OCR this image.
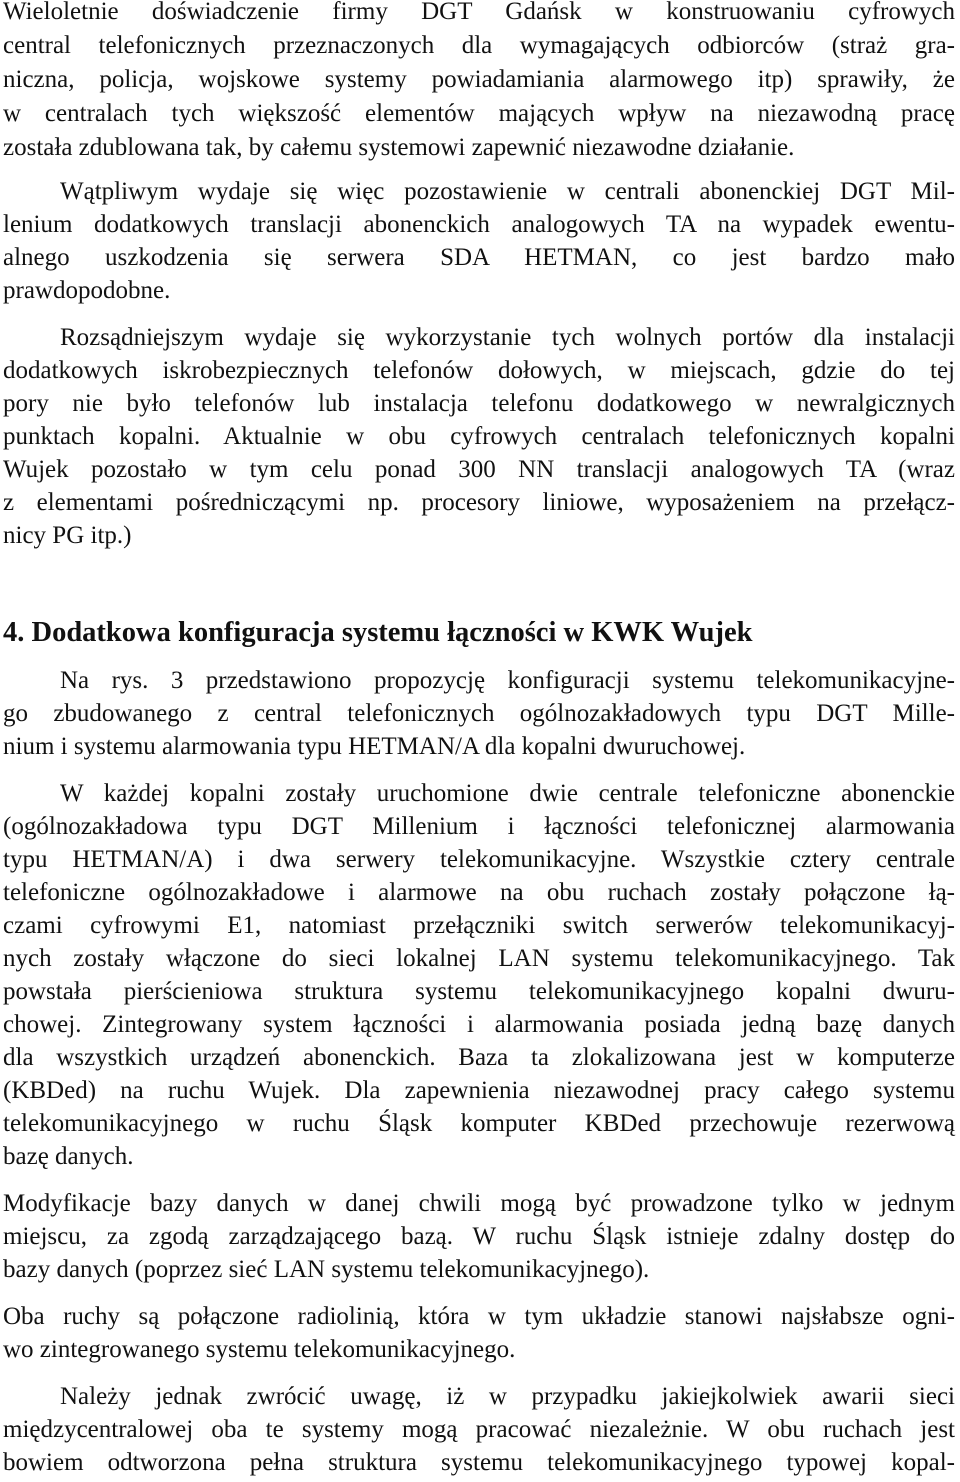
Wieloletnie doświadczenie firmy DGT Gdańsk w konstruowaniu cyfrowych
central telefonicznych przeznaczonych dla wymagających odbiorców (straż gra-
niczna, policja, wojskowe systemy powiadamiania alarmowego itp) sprawiły, że
w centralach tych większość elementów mających wpływ na niezawodną pracę
została zdublowana tak, by całemu systemowi zapewnić niezawodne działanie.
Wątpliwym wydaje się więc pozostawienie w centrali abonenckiej DGT Mil-
lenium dodatkowych translacji abonenckich analogowych TA na wypadek ewentu-
alnego uszkodzenia się serwera SDA HETMAN, co jest bardzo mało
prawdopodobne.
Rozsądniejszym wydaje się wykorzystanie tych wolnych portów dla instalacji
dodatkowych iskrobezpiecznych telefonów dołowych, w miejscach, gdzie do tej
pory nie było telefonów lub instalacja telefonu dodatkowego w newralgicznych
punktach kopalni. Aktualnie w obu cyfrowych centralach telefonicznych kopalni
Wujek pozostało w tym celu ponad 300 NN translacji analogowych TA (wraz
z elementami pośredniczącymi np. procesory liniowe, wyposażeniem na przełącz-
nicy PG itp.)
4. Dodatkowa konfiguracja systemu łączności w KWK Wujek
Na rys. 3 przedstawiono propozycję konfiguracji systemu telekomunikacyjne-
go zbudowanego z central telefonicznych ogólnozakładowych typu DGT Mille-
nium i systemu alarmowania typu HETMAN/A dla kopalni dwuruchowej.
W każdej kopalni zostały uruchomione dwie centrale telefoniczne abonenckie
(ogólnozakładowa typu DGT Millenium i łączności telefonicznej alarmowania
typu HETMAN/A) i dwa serwery telekomunikacyjne. Wszystkie cztery centrale
telefoniczne ogólnozakładowe i alarmowe na obu ruchach zostały połączone łą-
czami cyfrowymi E1, natomiast przełączniki switch serwerów telekomunikacyj-
nych zostały włączone do sieci lokalnej LAN systemu telekomunikacyjnego. Tak
powstała pierścieniowa struktura systemu telekomunikacyjnego kopalni dwuru-
chowej. Zintegrowany system łączności i alarmowania posiada jedną bazę danych
dla wszystkich urządzeń abonenckich. Baza ta zlokalizowana jest w komputerze
(KBDed) na ruchu Wujek. Dla zapewnienia niezawodnej pracy całego systemu
telekomunikacyjnego w ruchu Śląsk komputer KBDed przechowuje rezerwową
bazę danych.
Modyfikacje bazy danych w danej chwili mogą być prowadzone tylko w jednym
miejscu, za zgodą zarządzającego bazą. W ruchu Śląsk istnieje zdalny dostęp do
bazy danych (poprzez sieć LAN systemu telekomunikacyjnego).
Oba ruchy są połączone radiolinią, która w tym układzie stanowi najsłabsze ogni-
wo zintegrowanego systemu telekomunikacyjnego.
Należy jednak zwrócić uwagę, iż w przypadku jakiejkolwiek awarii sieci
międzycentralowej oba te systemy mogą pracować niezależnie. W obu ruchach jest
bowiem odtworzona pełna struktura systemu telekomunikacyjnego typowej kopal-
